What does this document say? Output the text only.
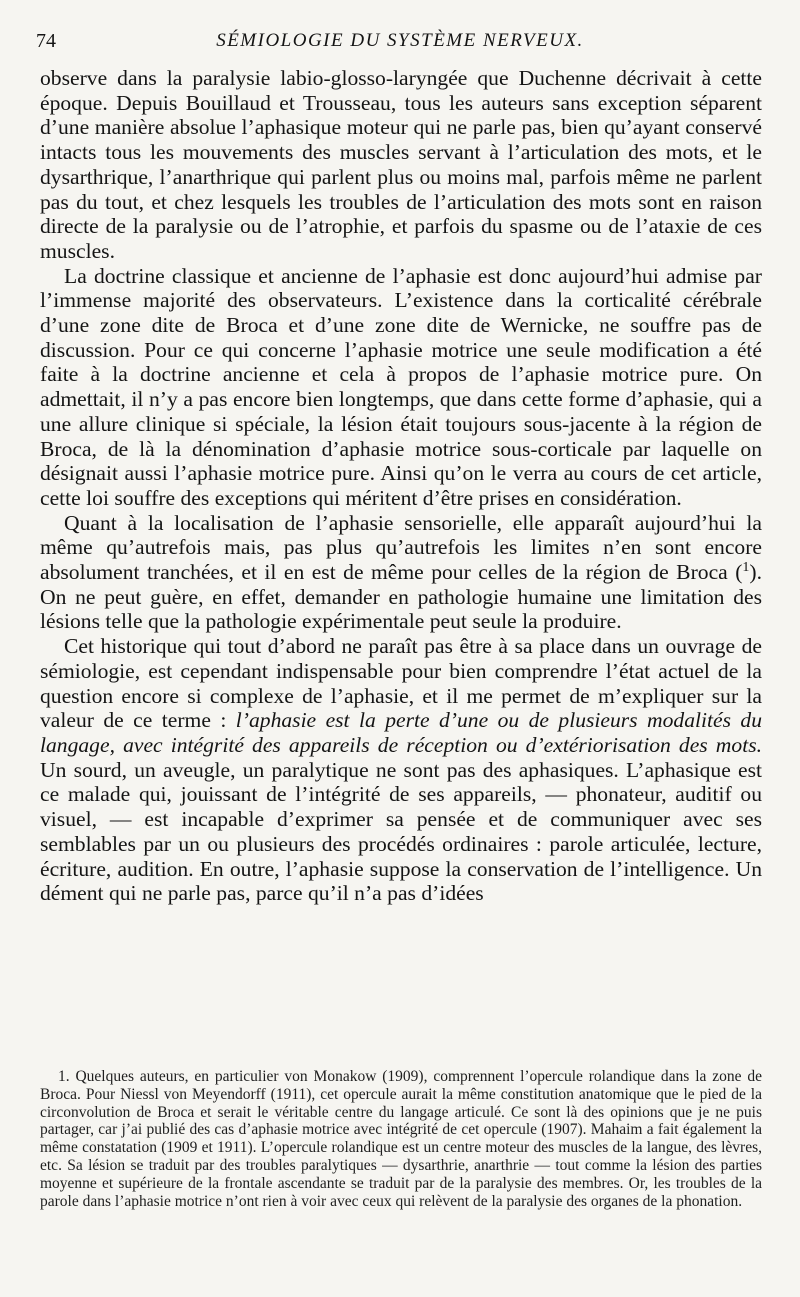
74	SÉMIOLOGIE DU SYSTÈME NERVEUX.

observe dans la paralysie labio-glosso-laryngée que Duchenne décrivait à cette époque. Depuis Bouillaud et Trousseau, tous les auteurs sans exception séparent d’une manière absolue l’aphasique moteur qui ne parle pas, bien qu’ayant conservé intacts tous les mouvements des muscles servant à l’articulation des mots, et le dysarthrique, l’anarthrique qui parlent plus ou moins mal, parfois même ne parlent pas du tout, et chez lesquels les troubles de l’articulation des mots sont en raison directe de la paralysie ou de l’atrophie, et parfois du spasme ou de l’ataxie de ces muscles.

La doctrine classique et ancienne de l’aphasie est donc aujourd’hui admise par l’immense majorité des observateurs. L’existence dans la corticalité cérébrale d’une zone dite de Broca et d’une zone dite de Wernicke, ne souffre pas de discussion. Pour ce qui concerne l’aphasie motrice une seule modification a été faite à la doctrine ancienne et cela à propos de l’aphasie motrice pure. On admettait, il n’y a pas encore bien longtemps, que dans cette forme d’aphasie, qui a une allure clinique si spéciale, la lésion était toujours sous-jacente à la région de Broca, de là la dénomination d’aphasie motrice sous-corticale par laquelle on désignait aussi l’aphasie motrice pure. Ainsi qu’on le verra au cours de cet article, cette loi souffre des exceptions qui méritent d’être prises en considération.

Quant à la localisation de l’aphasie sensorielle, elle apparaît aujourd’hui la même qu’autrefois mais, pas plus qu’autrefois les limites n’en sont encore absolument tranchées, et il en est de même pour celles de la région de Broca ($^1$). On ne peut guère, en effet, demander en pathologie humaine une limitation des lésions telle que la pathologie expérimentale peut seule la produire.

Cet historique qui tout d’abord ne paraît pas être à sa place dans un ouvrage de sémiologie, est cependant indispensable pour bien comprendre l’état actuel de la question encore si complexe de l’aphasie, et il me permet de m’expliquer sur la valeur de ce terme : l’aphasie est la perte d’une ou de plusieurs modalités du langage, avec intégrité des appareils de réception ou d’extériorisation des mots. Un sourd, un aveugle, un paralytique ne sont pas des aphasiques. L’aphasique est ce malade qui, jouissant de l’intégrité de ses appareils, — phonateur, auditif ou visuel, — est incapable d’exprimer sa pensée et de communiquer avec ses semblables par un ou plusieurs des procédés ordinaires : parole articulée, lecture, écriture, audition. En outre, l’aphasie suppose la conservation de l’intelligence. Un dément qui ne parle pas, parce qu’il n’a pas d’idées

1. Quelques auteurs, en particulier von Monakow (1909), comprennent l’opercule rolandique dans la zone de Broca. Pour Niessl von Meyendorff (1911), cet opercule aurait la même constitution anatomique que le pied de la circonvolution de Broca et serait le véritable centre du langage articulé. Ce sont là des opinions que je ne puis partager, car j’ai publié des cas d’aphasie motrice avec intégrité de cet opercule (1907). Mahaim a fait également la même constatation (1909 et 1911). L’opercule rolandique est un centre moteur des muscles de la langue, des lèvres, etc. Sa lésion se traduit par des troubles paralytiques — dysarthrie, anarthrie — tout comme la lésion des parties moyenne et supérieure de la frontale ascendante se traduit par de la paralysie des membres. Or, les troubles de la parole dans l’aphasie motrice n’ont rien à voir avec ceux qui relèvent de la paralysie des organes de la phonation.
